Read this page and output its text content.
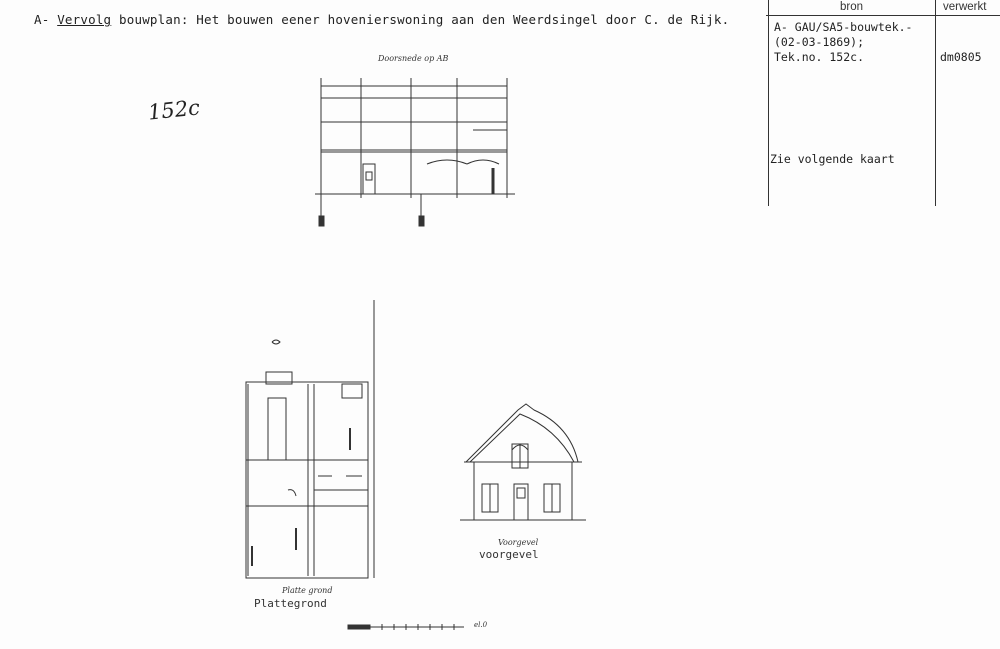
A- Vervolg bouwplan: Het bouwen eener hovenierswoning aan den Weerdsingel door C. de Rijk.
bron	verwerkt
A- GAU/SA5-bouwtek.-
(02-03-1869);
Tek.no. 152c.	dm0805
Zie volgende kaart
152c
Doorsnede op AB
Platte grond
Plattegrond
Voorgevel
voorgevel
el.0
